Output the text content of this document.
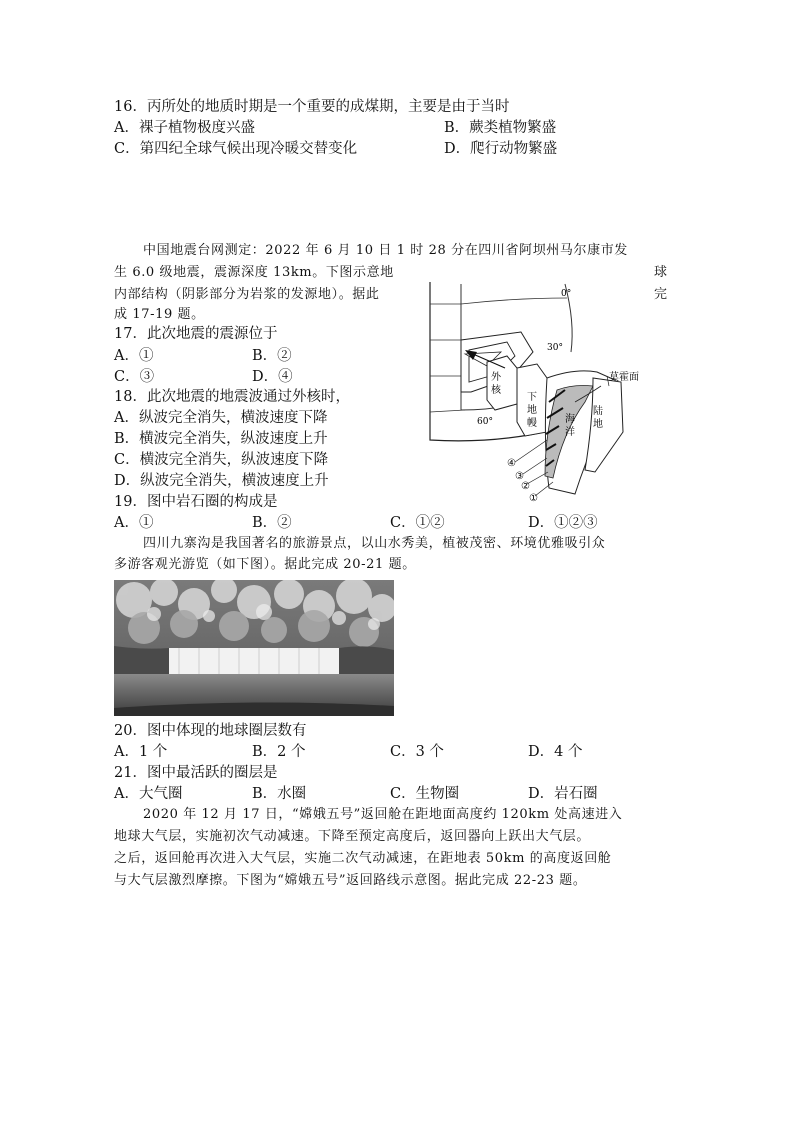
16．丙所处的地质时期是一个重要的成煤期，主要是由于当时
A．裸子植物极度兴盛	B．蕨类植物繁盛
C．第四纪全球气候出现冷暖交替变化	D．爬行动物繁盛
中国地震台网测定：2022 年 6 月 10 日 1 时 28 分在四川省阿坝州马尔康市发
生 6.0 级地震，震源深度 13km。下图示意地	球
内部结构（阴影部分为岩浆的发源地）。据此	完
成 17-19 题。
17．此次地震的震源位于
A．①	B．②
C．③	D．④
18．此次地震的地震波通过外核时，
A．纵波完全消失，横波速度下降
B．横波完全消失，纵波速度上升
C．横波完全消失，纵波速度下降
D．纵波完全消失，横波速度上升
19．图中岩石圈的构成是
A．①	B．②	C．①②	D．①②③
0°
30°
60°
莫霍面
外
核
下
地
幔	海
洋
陆
地
④
③
②
①
四川九寨沟是我国著名的旅游景点，以山水秀美，植被茂密、环境优雅吸引众
多游客观光游览（如下图）。据此完成 20-21 题。
20．图中体现的地球圈层数有
A．1 个	B．2 个	C．3 个	D．4 个
21．图中最活跃的圈层是
A．大气圈	B．水圈	C．生物圈	D．岩石圈
2020 年 12 月 17 日，“嫦娥五号”返回舱在距地面高度约 120km 处高速进入
地球大气层，实施初次气动减速。下降至预定高度后，返回器向上跃出大气层。
之后，返回舱再次进入大气层，实施二次气动减速，在距地表 50km 的高度返回舱
与大气层激烈摩擦。下图为“嫦娥五号”返回路线示意图。据此完成 22-23 题。
